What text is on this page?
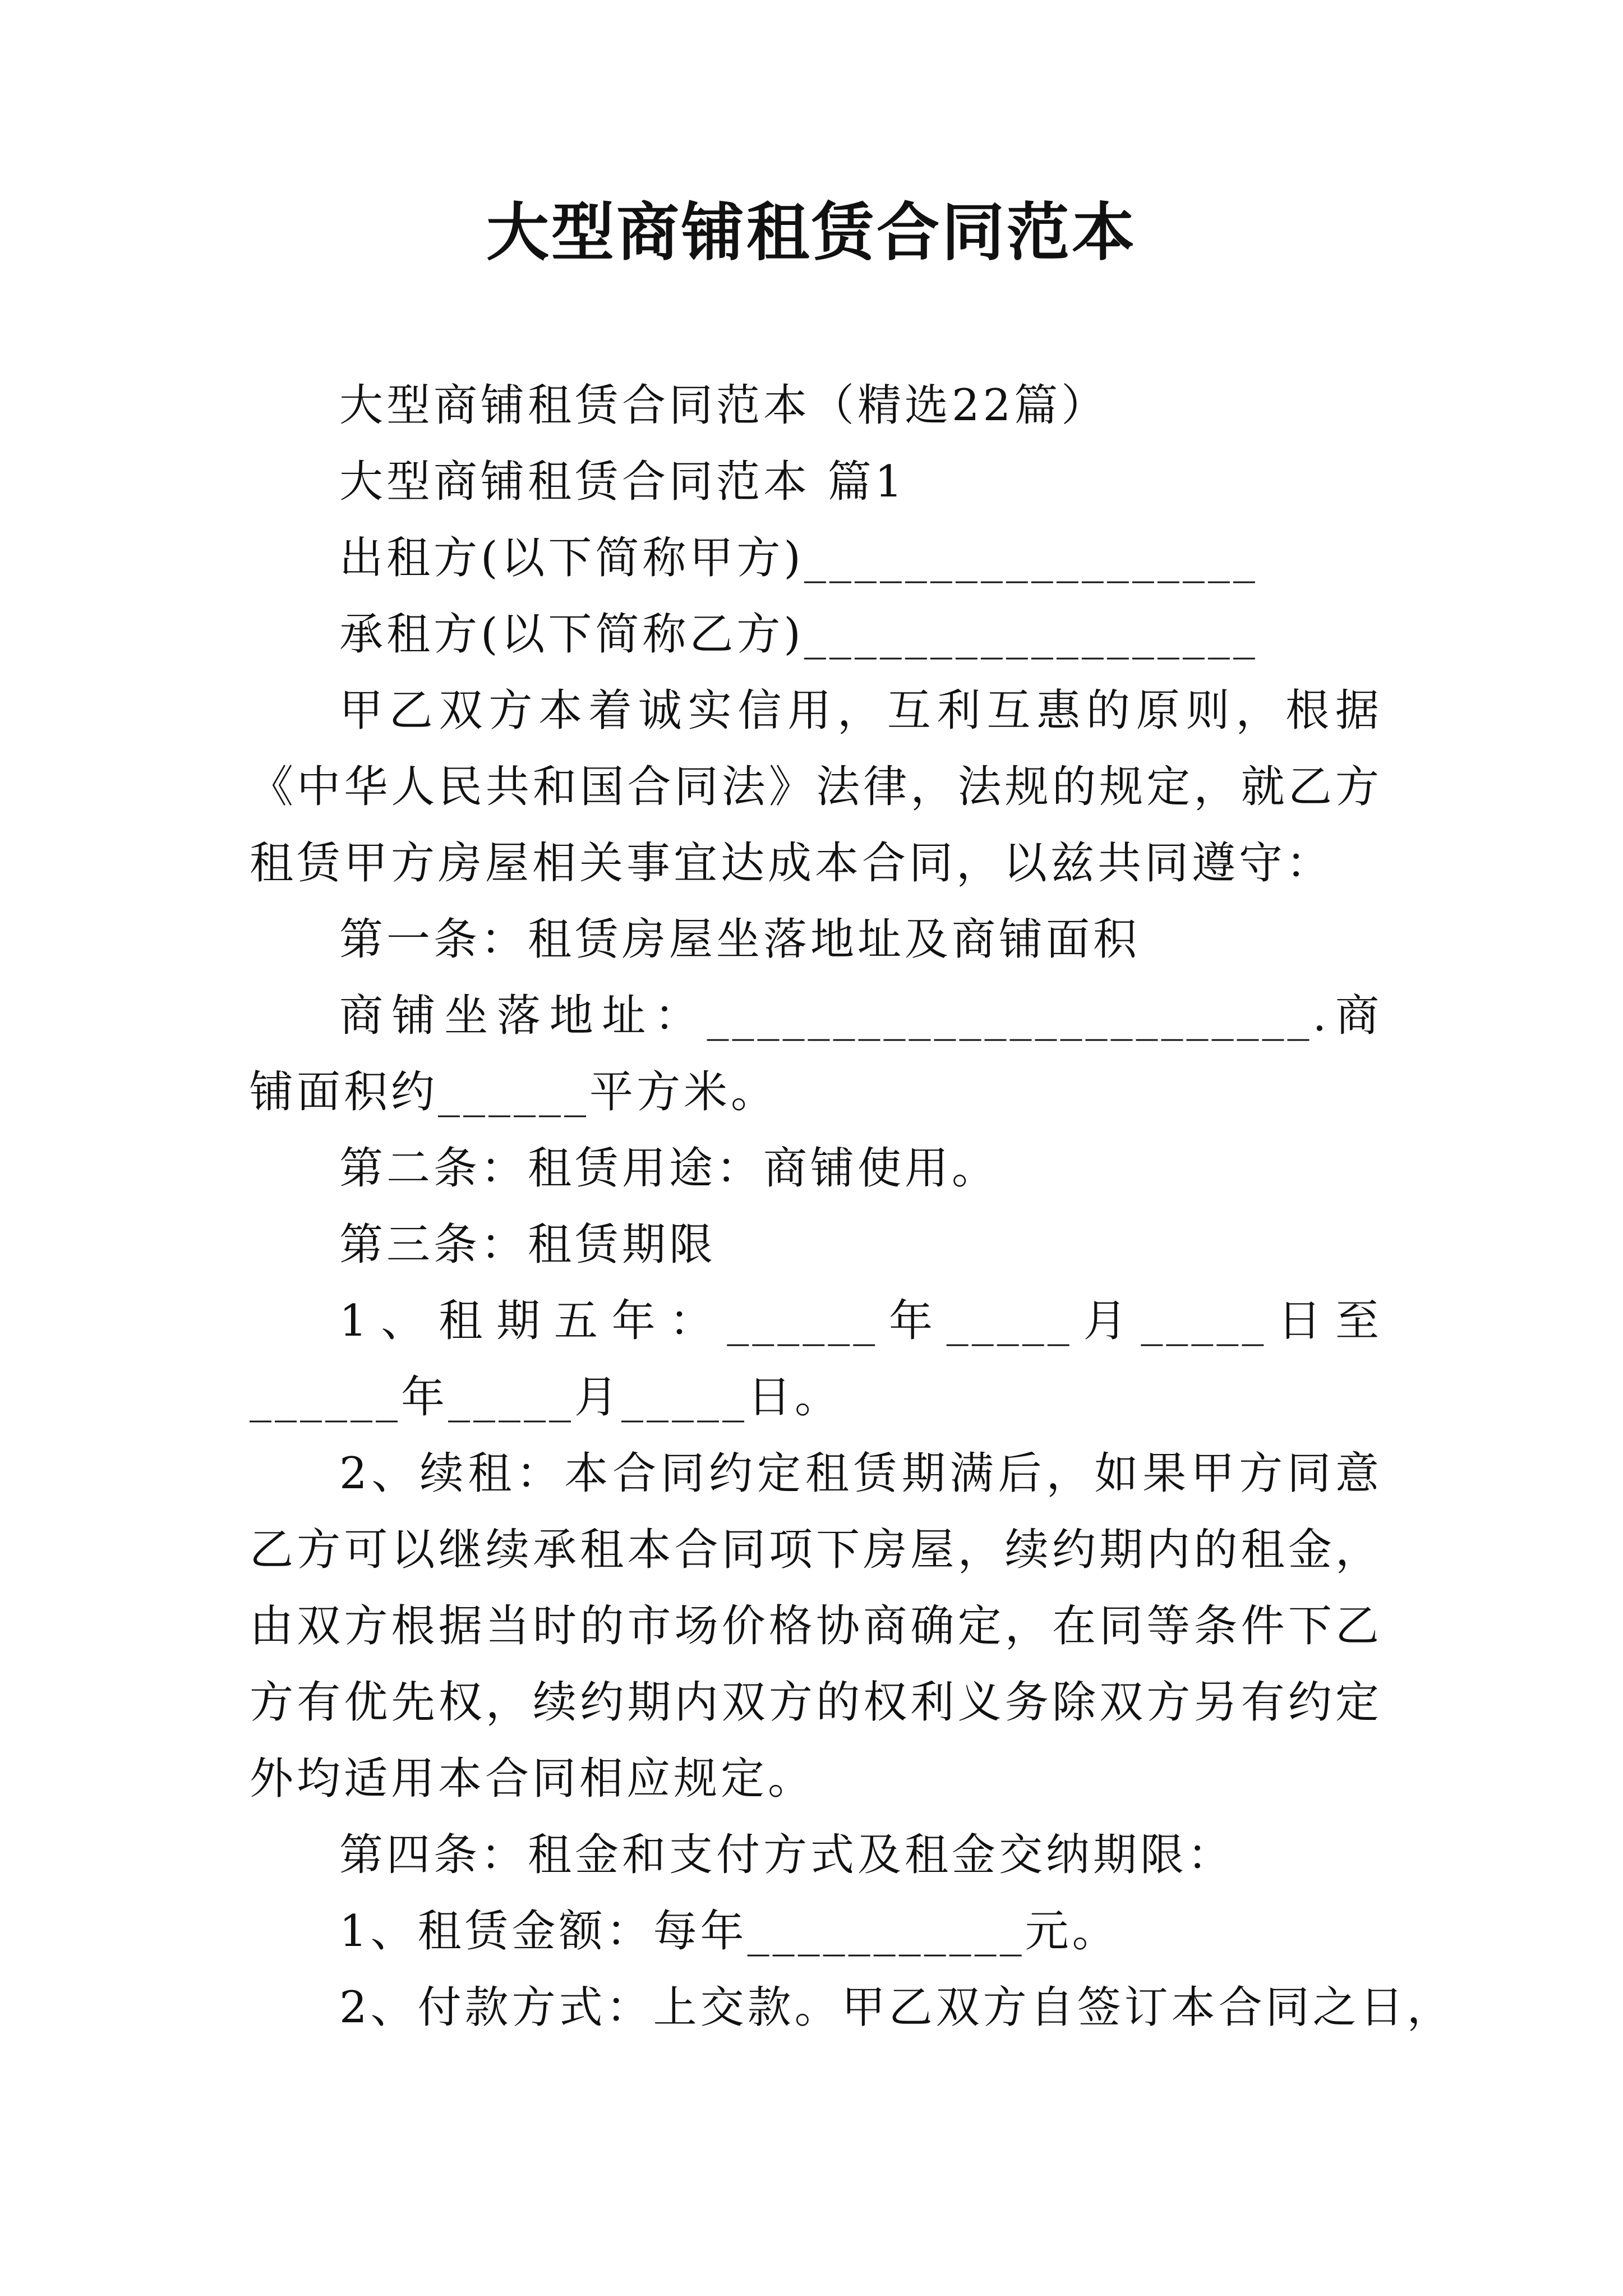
大型商铺租赁合同范本

大型商铺租赁合同范本（精选22篇）

大型商铺租赁合同范本 篇1

出租方(以下简称甲方)__________________

承租方(以下简称乙方)__________________

甲乙双方本着诚实信用，互利互惠的原则，根据《中华人民共和国合同法》法律，法规的规定，就乙方租赁甲方房屋相关事宜达成本合同，以兹共同遵守：

第一条：租赁房屋坐落地址及商铺面积

商铺坐落地址：________________________.商铺面积约______平方米。

第二条：租赁用途：商铺使用。

第三条：租赁期限

1、租期五年：______年_____月_____日至______年_____月_____日。

2、续租：本合同约定租赁期满后，如果甲方同意乙方可以继续承租本合同项下房屋，续约期内的租金，由双方根据当时的市场价格协商确定，在同等条件下乙方有优先权，续约期内双方的权利义务除双方另有约定外均适用本合同相应规定。

第四条：租金和支付方式及租金交纳期限：

1、租赁金额：每年___________元。

2、付款方式：上交款。甲乙双方自签订本合同之日，
